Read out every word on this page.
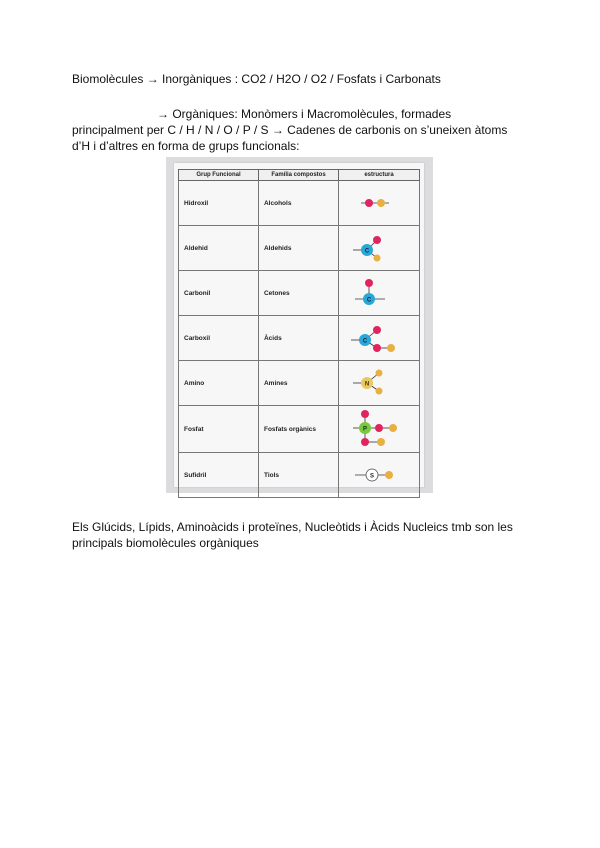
Biomolècules → Inorgàniques : CO2 / H2O / O2 / Fosfats i Carbonats
→ Orgàniques: Monòmers i Macromolècules, formades
principalment per C / H / N / O / P / S → Cadenes de carbonis on s’uneixen àtoms
d’H i d’altres en forma de grups funcionals:
Grup Funcional	Família compostos	estructura
Hidroxil	Alcohols	

Aldehid	Aldehids	C

Carbonil	Cetones	C

Carboxil	Àcids	C

Amino	Amines	N

Fosfat	Fosfats orgànics	P

Sufidril	Tiols	S
Els Glúcids, Lípids, Aminoàcids i proteïnes, Nucleòtids i Àcids Nucleics tmb son les
principals biomolècules orgàniques
